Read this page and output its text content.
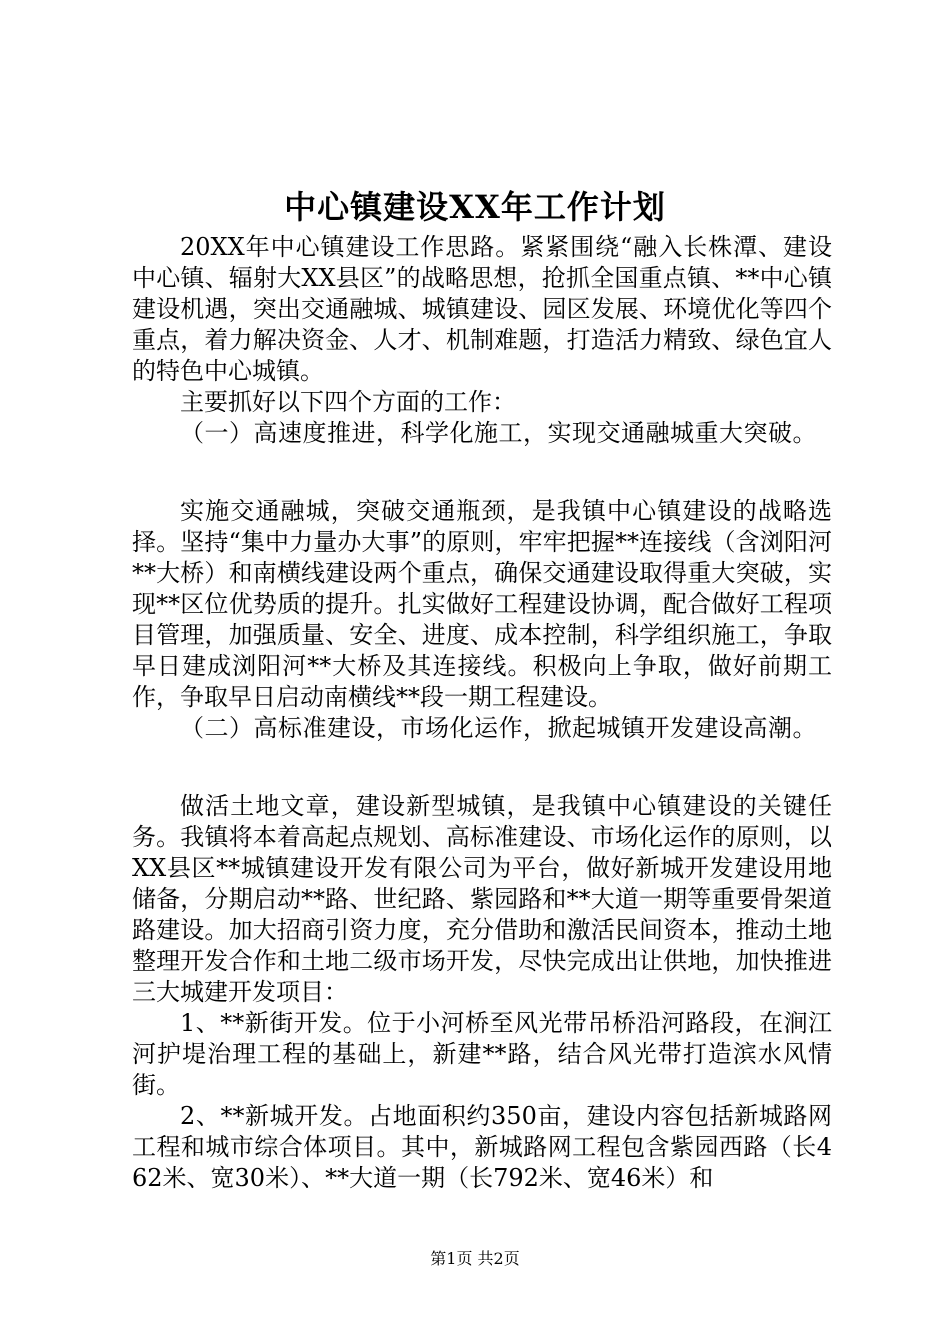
中心镇建设XX年工作计划

20XX年中心镇建设工作思路。紧紧围绕“融入长株潭、建设中心镇、辐射大XX县区”的战略思想，抢抓全国重点镇、**中心镇建设机遇，突出交通融城、城镇建设、园区发展、环境优化等四个重点，着力解决资金、人才、机制难题，打造活力精致、绿色宜人的特色中心城镇。

主要抓好以下四个方面的工作：

（一）高速度推进，科学化施工，实现交通融城重大突破。

实施交通融城，突破交通瓶颈，是我镇中心镇建设的战略选择。坚持“集中力量办大事”的原则，牢牢把握**连接线（含浏阳河**大桥）和南横线建设两个重点，确保交通建设取得重大突破，实现**区位优势质的提升。扎实做好工程建设协调，配合做好工程项目管理，加强质量、安全、进度、成本控制，科学组织施工，争取早日建成浏阳河**大桥及其连接线。积极向上争取，做好前期工作，争取早日启动南横线**段一期工程建设。

（二）高标准建设，市场化运作，掀起城镇开发建设高潮。

做活土地文章，建设新型城镇，是我镇中心镇建设的关键任务。我镇将本着高起点规划、高标准建设、市场化运作的原则，以XX县区**城镇建设开发有限公司为平台，做好新城开发建设用地储备，分期启动**路、世纪路、紫园路和**大道一期等重要骨架道路建设。加大招商引资力度，充分借助和激活民间资本，推动土地整理开发合作和土地二级市场开发，尽快完成出让供地，加快推进三大城建开发项目：

1、**新街开发。位于小河桥至风光带吊桥沿河路段，在涧江河护堤治理工程的基础上，新建**路，结合风光带打造滨水风情街。

2、**新城开发。占地面积约350亩，建设内容包括新城路网工程和城市综合体项目。其中，新城路网工程包含紫园西路（长462米、宽30米）、**大道一期（长792米、宽46米）和

第1页 共2页
